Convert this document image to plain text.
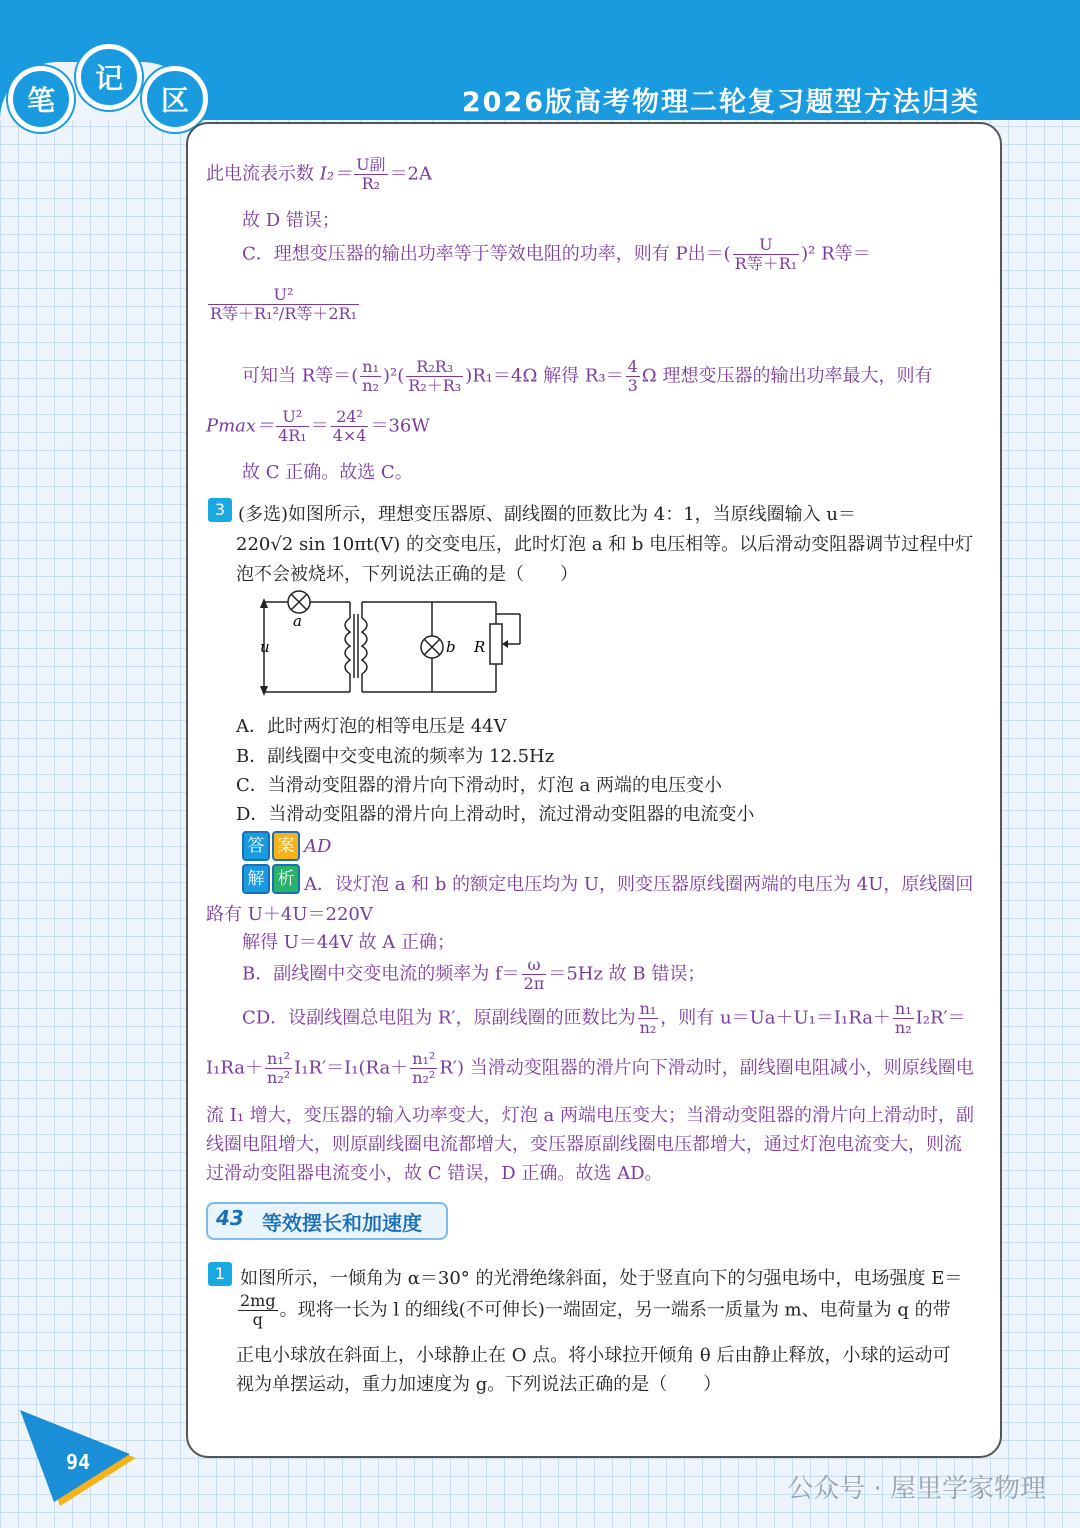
笔
记
区	2026版高考物理二轮复习题型方法归类
此电流表示数 $I_2= \frac{\text{U副}}{\text{R₂}} =2A$
故 D 错误；
C．理想变压器的输出功率等于等效电阻的功率，则有 P出＝( $\frac{U}{\text{R等＋R₁}} )^2$ R等＝
$\frac{\text{U²}}{\text{R等＋R₁²/R等＋2R₁}}$
可知当 R等＝( $\frac{\text{n₁}}{\text{n₂}} )^2( \frac{\text{R₂R₃}}{\text{R₂＋R₃}} )R_1=4\Omega$ 解得 $R_3= \frac{4}{3}$ Ω 理想变压器的输出功率最大，则有
$Pmax= \frac{\text{U²}}{\text{4R₁}} = \frac{\text{24²}}{4\times 4} =36W$
故 C 正确。故选 C。
3 (多选)如图所示，理想变压器原、副线圈的匝数比为 4：1，当原线圈输入 u＝
220√2 sin 10πt(V) 的交变电压，此时灯泡 a 和 b 电压相等。以后滑动变阻器调节过程中灯
泡不会被烧坏，下列说法正确的是（　　）
a
b
u	R
A．此时两灯泡的相等电压是 44V
B．副线圈中交变电流的频率为 12.5Hz
C．当滑动变阻器的滑片向下滑动时，灯泡 a 两端的电压变小
D．当滑动变阻器的滑片向上滑动时，流过滑动变阻器的电流变小
答 案 AD
解 析 A．设灯泡 a 和 b 的额定电压均为 U，则变压器原线圈两端的电压为 4U，原线圈回
路有 U＋4U＝220V
解得 U＝44V 故 A 正确；
B．副线圈中交变电流的频率为 $f= \frac{\omega}{2\pi} =5Hz$ 故 B 错误；
CD．设副线圈总电阻为 R′，原副线圈的匝数比为 $\frac{\text{n₁}}{\text{n₂}}$ ，则有 $u=Ua+U_1=I_1Ra+ \frac{\text{n₁}}{\text{n₂}} I_2R'=$
$I_1Ra+ \frac{\text{n₁²}}{\text{n₂²}} I_1R'=I_1(Ra+ \frac{\text{n₁²}}{\text{n₂²}} R')$ 当滑动变阻器的滑片向下滑动时，副线圈电阻减小，则原线圈电
流 I₁ 增大，变压器的输入功率变大，灯泡 a 两端电压变大；当滑动变阻器的滑片向上滑动时，副
线圈电阻增大，则原副线圈电流都增大，变压器原副线圈电压都增大，通过灯泡电流变大，则流
过滑动变阻器电流变小，故 C 错误，D 正确。故选 AD。
43 等效摆长和加速度
1 如图所示，一倾角为 α＝30° 的光滑绝缘斜面，处于竖直向下的匀强电场中，电场强度 E＝
$\frac{2mg}{q}$ 。现将一长为 l 的细线(不可伸长)一端固定，另一端系一质量为 m、电荷量为 q 的带
正电小球放在斜面上，小球静止在 O 点。将小球拉开倾角 θ 后由静止释放，小球的运动可
视为单摆运动，重力加速度为 g。下列说法正确的是（　　）
94
公众号 · 屋里学家物理
